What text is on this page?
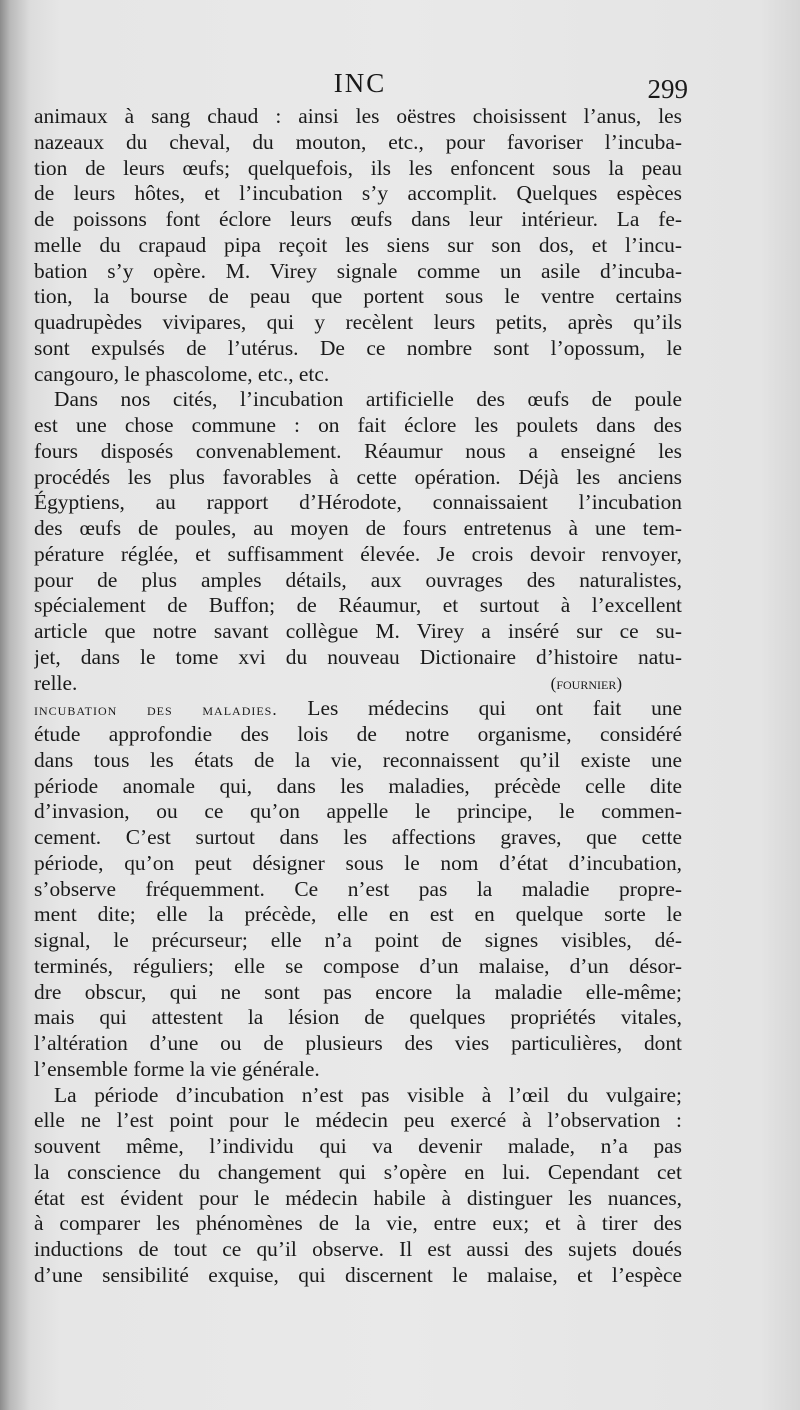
INC	299
animaux à sang chaud : ainsi les oëstres choisissent l’anus, les
nazeaux du cheval, du mouton, etc., pour favoriser l’incuba-
tion de leurs œufs; quelquefois, ils les enfoncent sous la peau
de leurs hôtes, et l’incubation s’y accomplit. Quelques espèces
de poissons font éclore leurs œufs dans leur intérieur. La fe-
melle du crapaud pipa reçoit les siens sur son dos, et l’incu-
bation s’y opère. M. Virey signale comme un asile d’incuba-
tion, la bourse de peau que portent sous le ventre certains
quadrupèdes vivipares, qui y recèlent leurs petits, après qu’ils
sont expulsés de l’utérus. De ce nombre sont l’opossum, le
cangouro, le phascolome, etc., etc.
Dans nos cités, l’incubation artificielle des œufs de poule
est une chose commune : on fait éclore les poulets dans des
fours disposés convenablement. Réaumur nous a enseigné les
procédés les plus favorables à cette opération. Déjà les anciens
Égyptiens, au rapport d’Hérodote, connaissaient l’incubation
des œufs de poules, au moyen de fours entretenus à une tem-
pérature réglée, et suffisamment élevée. Je crois devoir renvoyer,
pour de plus amples détails, aux ouvrages des naturalistes,
spécialement de Buffon; de Réaumur, et surtout à l’excellent
article que notre savant collègue M. Virey a inséré sur ce su-
jet, dans le tome xvi du nouveau Dictionaire d’histoire natu-
relle.	(fournier)
incubation des maladies. Les médecins qui ont fait une
étude approfondie des lois de notre organisme, considéré
dans tous les états de la vie, reconnaissent qu’il existe une
période anomale qui, dans les maladies, précède celle dite
d’invasion, ou ce qu’on appelle le principe, le commen-
cement. C’est surtout dans les affections graves, que cette
période, qu’on peut désigner sous le nom d’état d’incubation,
s’observe fréquemment. Ce n’est pas la maladie propre-
ment dite; elle la précède, elle en est en quelque sorte le
signal, le précurseur; elle n’a point de signes visibles, dé-
terminés, réguliers; elle se compose d’un malaise, d’un désor-
dre obscur, qui ne sont pas encore la maladie elle-même;
mais qui attestent la lésion de quelques propriétés vitales,
l’altération d’une ou de plusieurs des vies particulières, dont
l’ensemble forme la vie générale.
La période d’incubation n’est pas visible à l’œil du vulgaire;
elle ne l’est point pour le médecin peu exercé à l’observation :
souvent même, l’individu qui va devenir malade, n’a pas
la conscience du changement qui s’opère en lui. Cependant cet
état est évident pour le médecin habile à distinguer les nuances,
à comparer les phénomènes de la vie, entre eux; et à tirer des
inductions de tout ce qu’il observe. Il est aussi des sujets doués
d’une sensibilité exquise, qui discernent le malaise, et l’espèce
